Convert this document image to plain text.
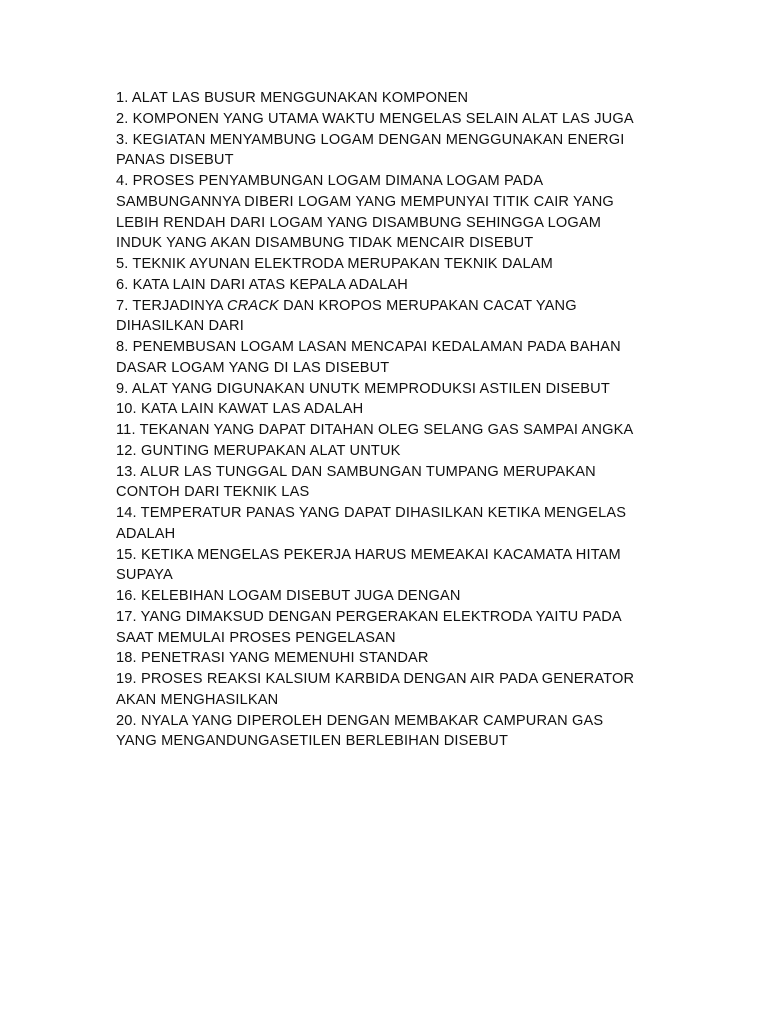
1. ALAT LAS BUSUR MENGGUNAKAN KOMPONEN
2. KOMPONEN YANG UTAMA WAKTU MENGELAS SELAIN ALAT LAS JUGA
3. KEGIATAN MENYAMBUNG LOGAM DENGAN MENGGUNAKAN ENERGI
PANAS DISEBUT
4. PROSES PENYAMBUNGAN LOGAM DIMANA LOGAM PADA
SAMBUNGANNYA DIBERI LOGAM YANG MEMPUNYAI TITIK CAIR YANG
LEBIH RENDAH DARI LOGAM YANG DISAMBUNG SEHINGGA LOGAM
INDUK YANG AKAN DISAMBUNG TIDAK MENCAIR DISEBUT
5. TEKNIK AYUNAN ELEKTRODA MERUPAKAN TEKNIK DALAM
6. KATA LAIN DARI ATAS KEPALA ADALAH
7. TERJADINYA CRACK DAN KROPOS MERUPAKAN CACAT YANG
DIHASILKAN DARI
8. PENEMBUSAN LOGAM LASAN MENCAPAI KEDALAMAN PADA BAHAN
DASAR LOGAM YANG DI LAS DISEBUT
9. ALAT YANG DIGUNAKAN UNUTK MEMPRODUKSI ASTILEN DISEBUT
10. KATA LAIN KAWAT LAS ADALAH
11. TEKANAN YANG DAPAT DITAHAN OLEG SELANG GAS SAMPAI ANGKA
12. GUNTING MERUPAKAN ALAT UNTUK
13. ALUR LAS TUNGGAL DAN SAMBUNGAN TUMPANG MERUPAKAN
CONTOH DARI TEKNIK LAS
14. TEMPERATUR PANAS YANG DAPAT DIHASILKAN KETIKA MENGELAS
ADALAH
15. KETIKA MENGELAS PEKERJA HARUS MEMEAKAI KACAMATA HITAM
SUPAYA
16. KELEBIHAN LOGAM DISEBUT JUGA DENGAN
17. YANG DIMAKSUD DENGAN PERGERAKAN ELEKTRODA YAITU PADA
SAAT MEMULAI PROSES PENGELASAN
18. PENETRASI YANG MEMENUHI STANDAR
19. PROSES REAKSI KALSIUM KARBIDA DENGAN AIR PADA GENERATOR
AKAN MENGHASILKAN
20. NYALA YANG DIPEROLEH DENGAN MEMBAKAR CAMPURAN GAS
YANG MENGANDUNGASETILEN BERLEBIHAN DISEBUT
